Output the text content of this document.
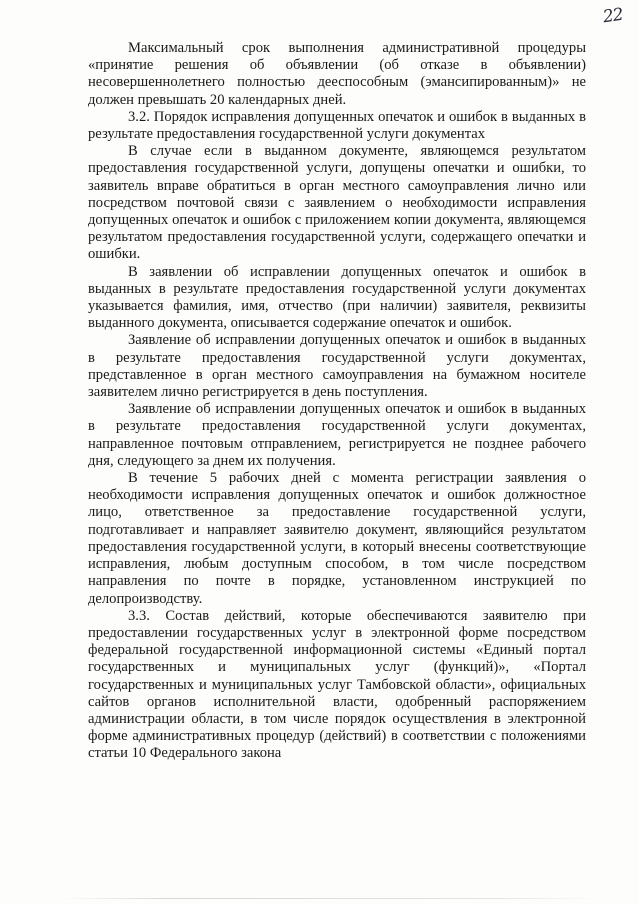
22

Максимальный срок выполнения административной процедуры «принятие решения об объявлении (об отказе в объявлении) несовершеннолетнего полностью дееспособным (эмансипированным)» не должен превышать 20 календарных дней.

3.2. Порядок исправления допущенных опечаток и ошибок в выданных в результате предоставления государственной услуги документах

В случае если в выданном документе, являющемся результатом предоставления государственной услуги, допущены опечатки и ошибки, то заявитель вправе обратиться в орган местного самоуправления лично или посредством почтовой связи с заявлением о необходимости исправления допущенных опечаток и ошибок с приложением копии документа, являющемся результатом предоставления государственной услуги, содержащего опечатки и ошибки.

В заявлении об исправлении допущенных опечаток и ошибок в выданных в результате предоставления государственной услуги документах указывается фамилия, имя, отчество (при наличии) заявителя, реквизиты выданного документа, описывается содержание опечаток и ошибок.

Заявление об исправлении допущенных опечаток и ошибок в выданных в результате предоставления государственной услуги документах, представленное в орган местного самоуправления на бумажном носителе заявителем лично регистрируется в день поступления.

Заявление об исправлении допущенных опечаток и ошибок в выданных в результате предоставления государственной услуги документах, направленное почтовым отправлением, регистрируется не позднее рабочего дня, следующего за днем их получения.

В течение 5 рабочих дней с момента регистрации заявления о необходимости исправления допущенных опечаток и ошибок должностное лицо, ответственное за предоставление государственной услуги, подготавливает и направляет заявителю документ, являющийся результатом предоставления государственной услуги, в который внесены соответствующие исправления, любым доступным способом, в том числе посредством направления по почте в порядке, установленном инструкцией по делопроизводству.

3.3. Состав действий, которые обеспечиваются заявителю при предоставлении государственных услуг в электронной форме посредством федеральной государственной информационной системы «Единый портал государственных и муниципальных услуг (функций)», «Портал государственных и муниципальных услуг Тамбовской области», официальных сайтов органов исполнительной власти, одобренный распоряжением администрации области, в том числе порядок осуществления в электронной форме административных процедур (действий) в соответствии с положениями статьи 10 Федерального закона
